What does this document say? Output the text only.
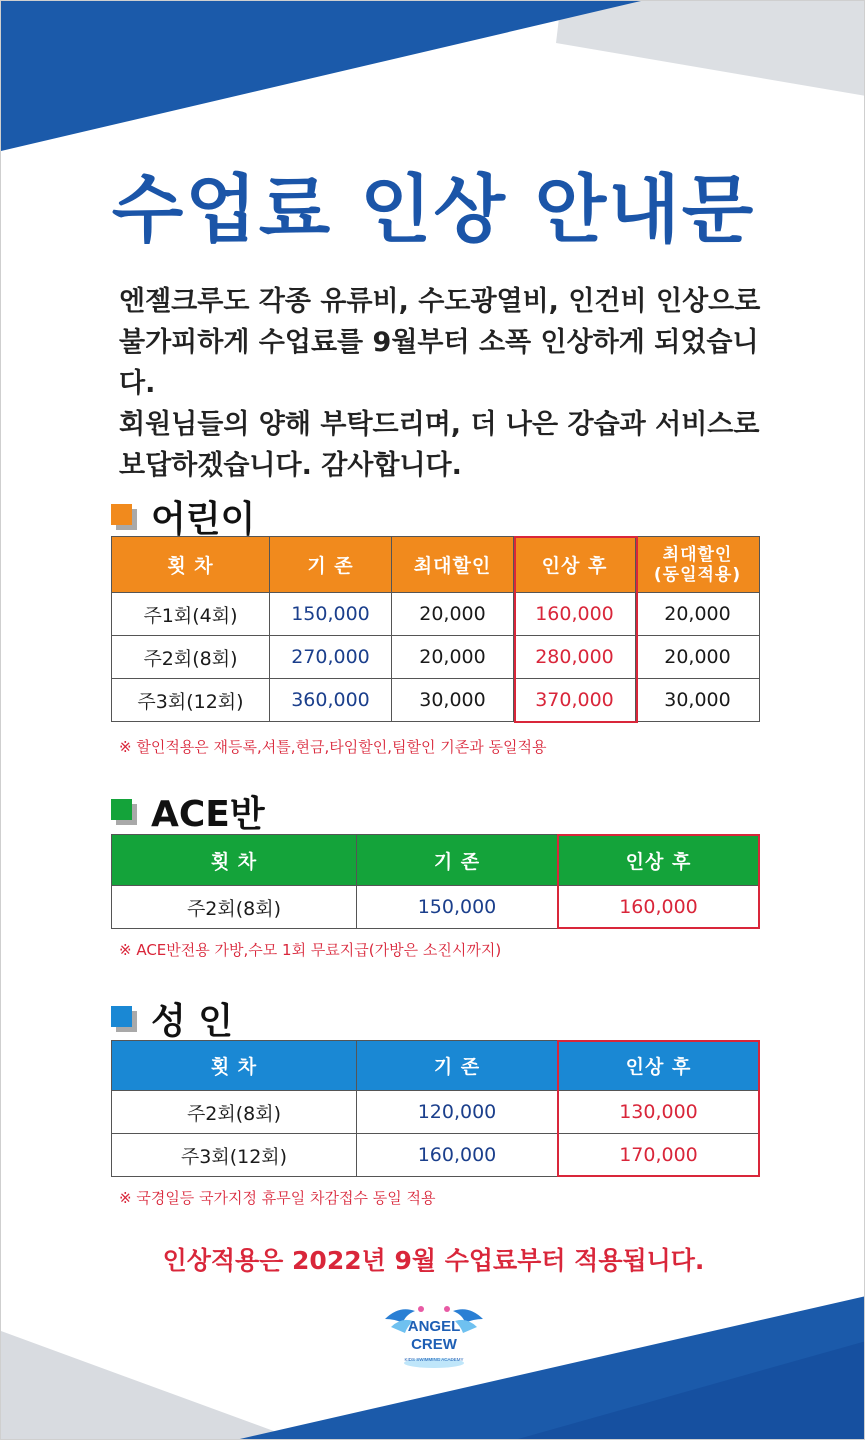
수업료 인상 안내문
엔젤크루도 각종 유류비, 수도광열비, 인건비 인상으로
불가피하게 수업료를 9월부터 소폭 인상하게 되었습니다.
회원님들의 양해 부탁드리며, 더 나은 강습과 서비스로
보답하겠습니다. 감사합니다.
어린이
횟 차	기 존	최대할인	인상 후	최대할인
(동일적용)

주1회(4회)	150,000	20,000	160,000	20,000
주2회(8회)	270,000	20,000	280,000	20,000
주3회(12회)	360,000	30,000	370,000	30,000
※ 할인적용은 재등록,셔틀,현금,타임할인,팀할인 기존과 동일적용
ACE반
횟 차	기 존	인상 후
주2회(8회)	150,000	160,000
※ ACE반전용 가방,수모 1회 무료지급(가방은 소진시까지)
성 인
횟 차	기 존	인상 후
주2회(8회)	120,000	130,000
주3회(12회)	160,000	170,000
※ 국경일등 국가지정 휴무일 차감접수 동일 적용
인상적용은 2022년 9월 수업료부터 적용됩니다.
ANGEL
CREW
KIDS SWIMMING ACADEMY
